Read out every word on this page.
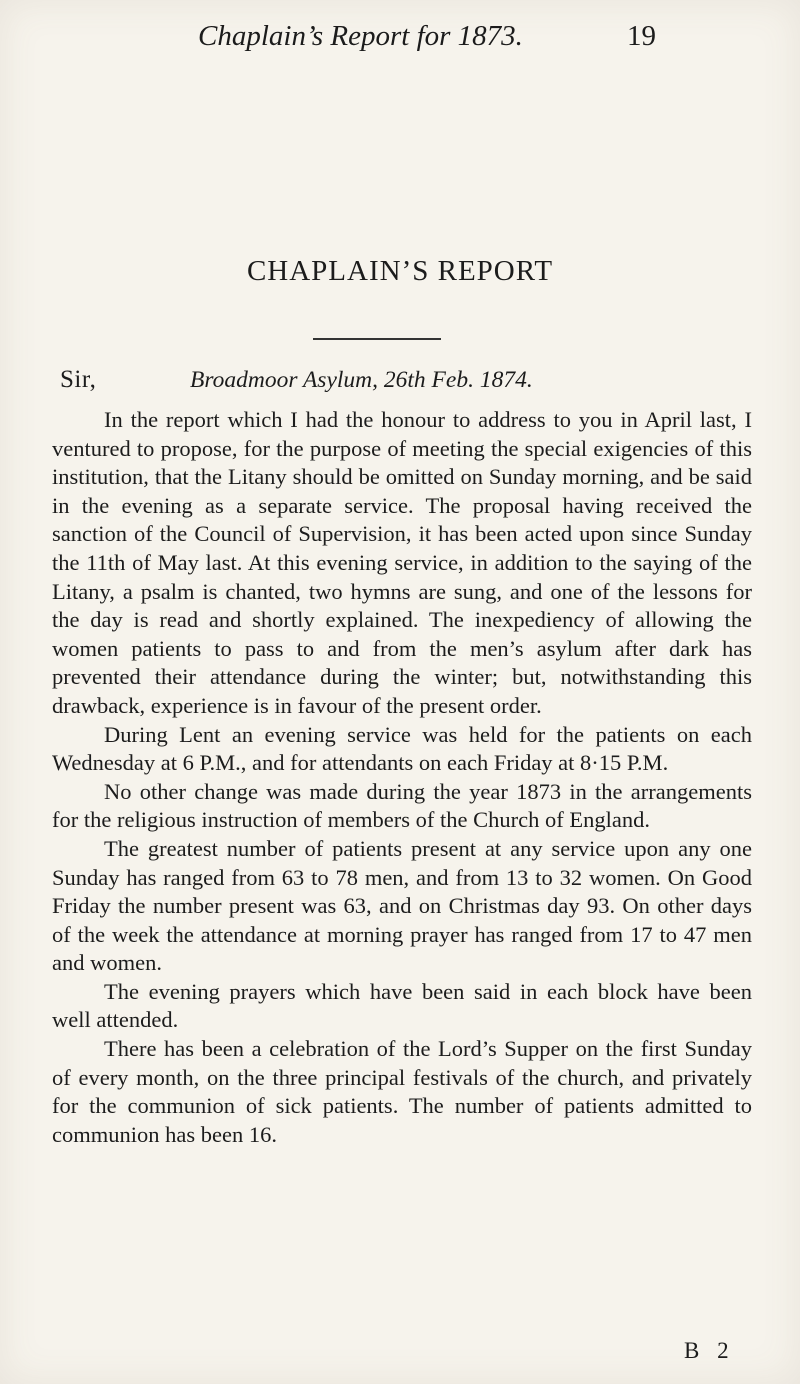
Chaplain’s Report for 1873.	19
CHAPLAIN’S REPORT
Sir,	Broadmoor Asylum, 26th Feb. 1874.

In the report which I had the honour to address to you in April last, I ventured to propose, for the purpose of meeting the special exigencies of this institution, that the Litany should be omitted on Sunday morning, and be said in the evening as a separate service. The proposal having received the sanction of the Council of Supervision, it has been acted upon since Sunday the 11th of May last. At this evening service, in addition to the saying of the Litany, a psalm is chanted, two hymns are sung, and one of the lessons for the day is read and shortly explained. The inexpediency of allowing the women patients to pass to and from the men’s asylum after dark has prevented their attendance during the winter; but, notwithstanding this drawback, experience is in favour of the present order.

During Lent an evening service was held for the patients on each Wednesday at 6 P.M., and for attendants on each Friday at 8·15 P.M.

No other change was made during the year 1873 in the arrangements for the religious instruction of members of the Church of England.

The greatest number of patients present at any service upon any one Sunday has ranged from 63 to 78 men, and from 13 to 32 women. On Good Friday the number present was 63, and on Christmas day 93. On other days of the week the attendance at morning prayer has ranged from 17 to 47 men and women.

The evening prayers which have been said in each block have been well attended.

There has been a celebration of the Lord’s Supper on the first Sunday of every month, on the three principal festivals of the church, and privately for the communion of sick patients. The number of patients admitted to communion has been 16.

B 2
